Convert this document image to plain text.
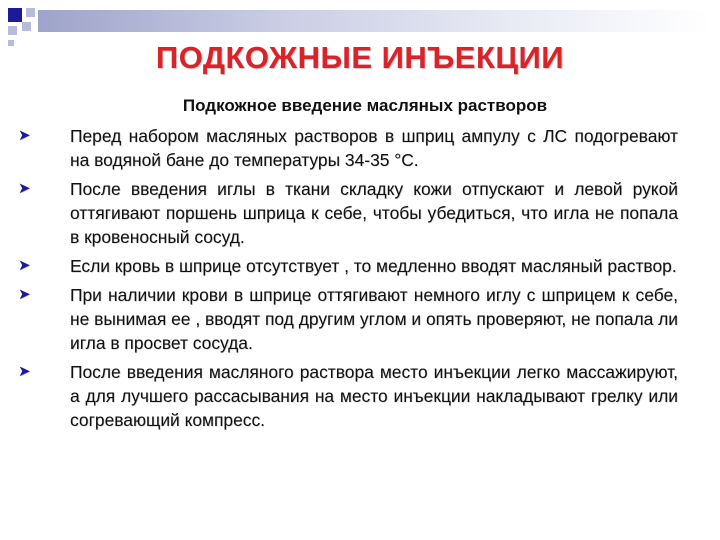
ПОДКОЖНЫЕ ИНЪЕКЦИИ
Подкожное введение масляных растворов
➤ Перед набором масляных растворов в шприц ампулу с ЛС подогревают на водяной бане до температуры 34-35 °С.
➤ После введения иглы в ткани складку кожи отпускают и левой рукой оттягивают поршень шприца к себе, чтобы убедиться, что игла не попала в кровеносный сосуд.
➤ Если кровь в шприце отсутствует , то медленно вводят масляный раствор.
➤ При наличии крови в шприце оттягивают немного иглу с шприцем к себе, не вынимая ее , вводят под другим углом и опять проверяют, не попала ли игла в просвет сосуда.
➤ После введения масляного раствора место инъекции легко массажируют, а для лучшего рассасывания на место инъекции накладывают грелку или согревающий компресс.
